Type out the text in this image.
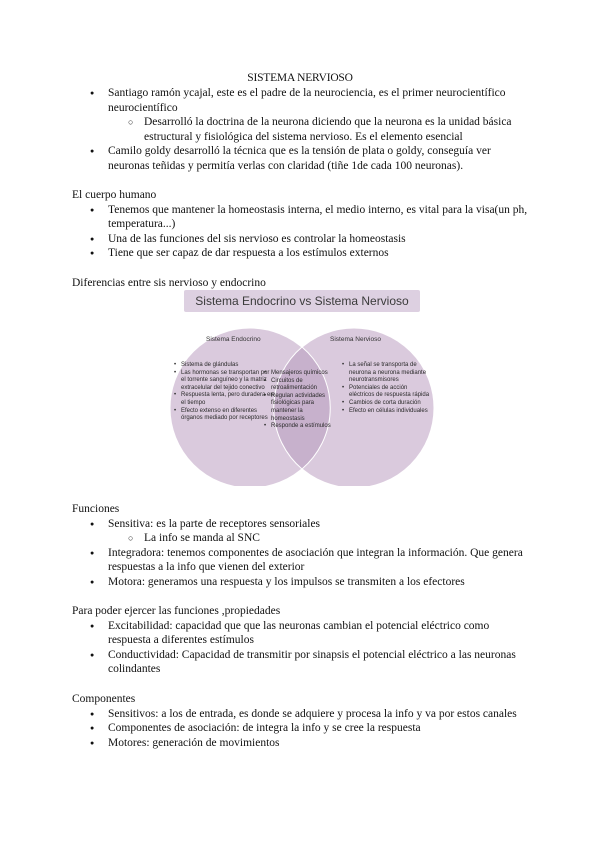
SISTEMA NERVIOSO
● Santiago ramón ycajal, este es el padre de la neurociencia, es el primer neurocientífico neurocientífico
○ Desarrolló la doctrina de la neurona diciendo que la neurona es la unidad básica estructural y fisiológica del sistema nervioso. Es el elemento esencial
● Camilo goldy desarrolló la técnica que es la tensión de plata o goldy, conseguía ver neuronas teñidas y permitía verlas con claridad (tiñe 1de cada 100 neuronas).

El cuerpo humano

● Tenemos que mantener la homeostasis interna, el medio interno, es vital para la visa(un ph, temperatura...)
● Una de las funciones del sis nervioso es controlar la homeostasis
● Tiene que ser capaz de dar respuesta a los estímulos externos

Diferencias entre sis nervioso y endocrino

Sistema Endocrino vs Sistema Nervioso
Sistema Endocrino	Sistema Nervioso
• Sistema de glándulas
• Las hormonas se transportan por el torrente sanguíneo y la matriz extracelular del tejido conectivo
• Respuesta lenta, pero duradera en el tiempo
• Efecto extenso en diferentes órganos mediado por receptores
• Mensajeros químicos
• Circuitos de retroalimentación
• Regulan actividades fisiológicas para mantener la homeostasis
• Responde a estímulos
• La señal se transporta de neurona a neurona mediante neurotransmisores
• Potenciales de acción eléctricos de respuesta rápida
• Cambios de corta duración
• Efecto en células individuales

Funciones

● Sensitiva: es la parte de receptores sensoriales
○ La info se manda al SNC
● Integradora: tenemos componentes de asociación que integran la información. Que genera respuestas a la info que vienen del exterior
● Motora: generamos una respuesta y los impulsos se transmiten a los efectores

Para poder ejercer las funciones ,propiedades

● Excitabilidad: capacidad que que las neuronas cambian el potencial eléctrico como respuesta a diferentes estímulos
● Conductividad: Capacidad de transmitir por sinapsis el potencial eléctrico a las neuronas colindantes

Componentes

● Sensitivos: a los de entrada, es donde se adquiere y procesa la info y va por estos canales
● Componentes de asociación: de integra la info y se cree la respuesta
● Motores: generación de movimientos
